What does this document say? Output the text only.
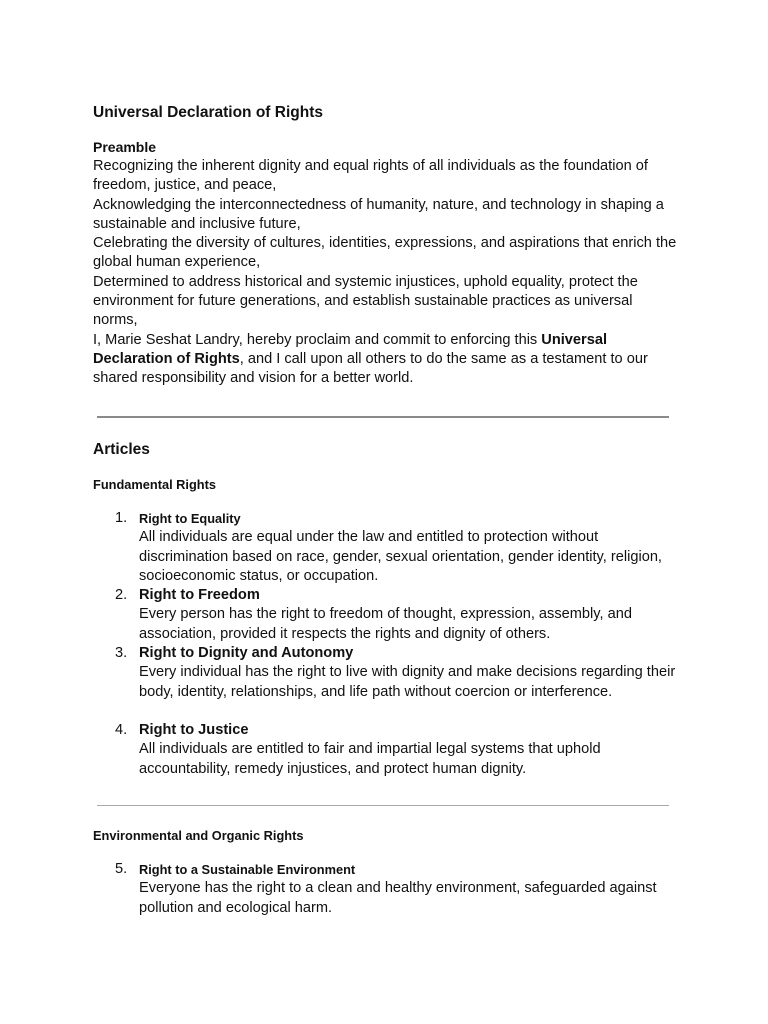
Universal Declaration of Rights
Preamble

Recognizing the inherent dignity and equal rights of all individuals as the foundation of freedom, justice, and peace,

Acknowledging the interconnectedness of humanity, nature, and technology in shaping a sustainable and inclusive future,

Celebrating the diversity of cultures, identities, expressions, and aspirations that enrich the global human experience,

Determined to address historical and systemic injustices, uphold equality, protect the environment for future generations, and establish sustainable practices as universal norms,

I, Marie Seshat Landry, hereby proclaim and commit to enforcing this Universal Declaration of Rights, and I call upon all others to do the same as a testament to our shared responsibility and vision for a better world.

Articles
Fundamental Rights
1. Right to Equality
All individuals are equal under the law and entitled to protection without discrimination based on race, gender, sexual orientation, gender identity, religion, socioeconomic status, or occupation.
2. Right to Freedom
Every person has the right to freedom of thought, expression, assembly, and association, provided it respects the rights and dignity of others.
3. Right to Dignity and Autonomy
Every individual has the right to live with dignity and make decisions regarding their body, identity, relationships, and life path without coercion or interference.
4. Right to Justice
All individuals are entitled to fair and impartial legal systems that uphold accountability, remedy injustices, and protect human dignity.
Environmental and Organic Rights
5. Right to a Sustainable Environment
Everyone has the right to a clean and healthy environment, safeguarded against pollution and ecological harm.
